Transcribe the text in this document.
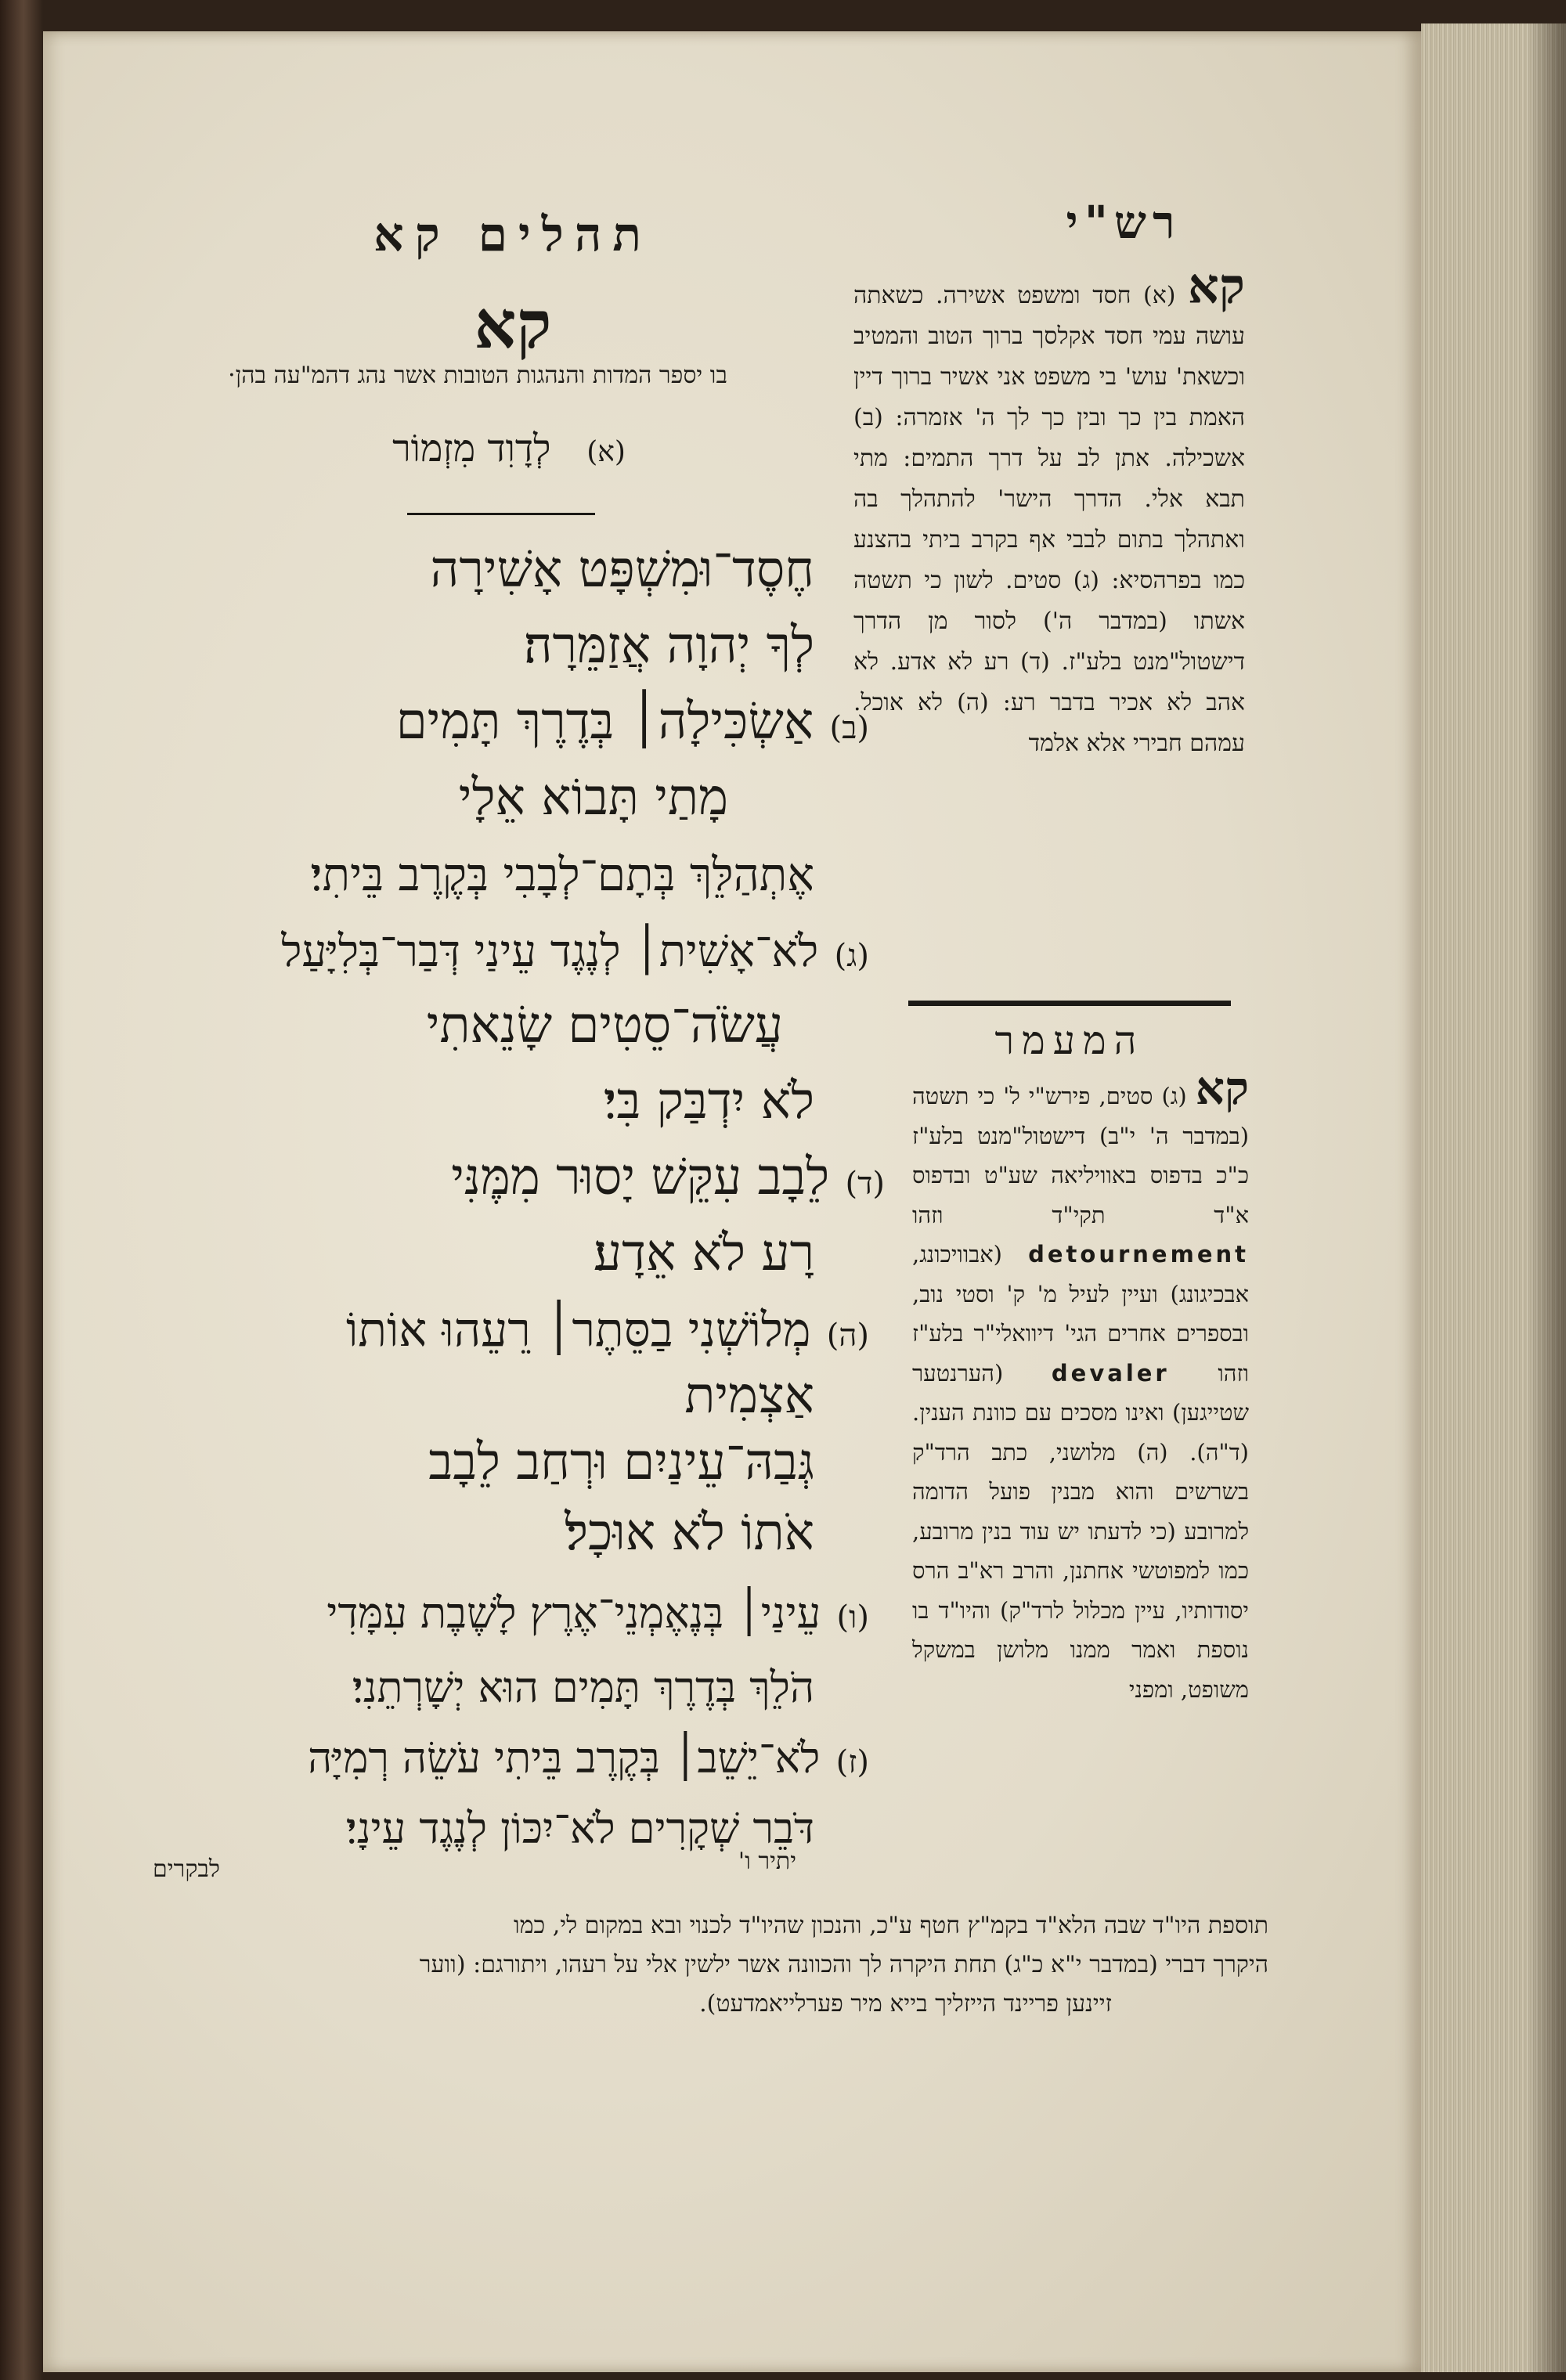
רש"י
קא (א) חסד ומשפט אשירה. כשאתה עושה עמי חסד אקלסך ברוך הטוב והמטיב וכשאת' עוש' בי משפט אני אשיר ברוך דיין האמת בין כך ובין כך לך ה' אזמרה: (ב) אשכילה. אתן לב על דרך התמים: מתי תבא אלי. הדרך הישר' להתהלך בה ואתהלך בתום לבבי אף בקרב ביתי בהצנע כמו בפרהסיא: (ג) סטים. לשון כי תשטה אשתו (במדבר ה') לסור מן הדרך דישטול"מנט בלע"ז. (ד) רע לא אדע. לא אהב לא אכיר בדבר רע: (ה) לא אוכל. עמהם חבירי אלא אלמד
המעמר
קא (ג) סטים, פירש"י ל' כי תשטה (במדבר ה' י"ב) דישטול"מנט בלע"ז כ"כ בדפוס באוויליאה שע"ט ובדפוס א"ד תקי"ד וזהו detournement (אבוויכונג, אבכיגונג) ועיין לעיל מ' ק' וסטי נוב, ובספרים אחרים הגי' דיוואלי"ר בלע"ז וזהו devaler (הערנטער שטייגען) ואינו מסכים עם כוונת הענין. (ד"ה). (ה) מלושני, כתב הרד"ק בשרשים והוא מבנין פועל הדומה למרובע (כי לדעתו יש עוד בנין מרובע, כמו למפוטשי אחתנן, והרב רא"ב הרס יסודותיו, עיין מכלול לרד"ק) והיו"ד בו נוספת ואמר ממנו מלושן במשקל משופט, ומפני
תהלים קא
קא
בו יספר המדות והנהגות הטובות אשר נהג דהמ"עה בהן·
(א)   לְדָוִד מִזְמוֹר
חֶסֶד־וּמִשְׁפָּט אָשִׁירָה
לְךָ יְהוָה אֲזַמֵּרָה׃
(ב) אַשְׂכִּילָה׀ בְּדֶרֶךְ תָּמִים
מָתַי תָּבוֹא אֵלָי
אֶתְהַלֵּךְ בְּתָם־לְבָבִי בְּקֶרֶב בֵּיתִי׃
(ג) לֹא־אָשִׁית׀ לְנֶגֶד עֵינַי דְּבַר־בְּלִיָּעַל
עֲשֹׂה־סֵטִים שָׂנֵאתִי
לֹא יִדְבַּק בִּי׃
(ד) לֵבָב עִקֵּשׁ יָסוּר מִמֶּנִּי
רָע לֹא אֵדָע׃
(ה) מְלוֹשְׁנִי בַסֵּתֶר׀ רֵעֵהוּ אוֹתוֹ
אַצְמִית
גְּבַהּ־עֵינַיִם וּרְחַב לֵבָב
אֹתוֹ לֹא אוּכָל׃
(ו) עֵינַי׀ בְּנֶאֶמְנֵי־אֶרֶץ לָשֶׁבֶת עִמָּדִי
הֹלֵךְ בְּדֶרֶךְ תָּמִים הוּא יְשָׁרְתֵנִי׃
(ז) לֹא־יֵשֵׁב׀ בְּקֶרֶב בֵּיתִי עֹשֵׂה רְמִיָּה
דֹּבֵר שְׁקָרִים לֹא־יִכּוֹן לְנֶגֶד עֵינָי׃
יתיר ו'
לבקרים
תוספת היו"ד שבה הלא"ד בקמ"ץ חטף ע"כ, והנכון שהיו"ד לכנוי ובא במקום לי, כמו
היקרך דברי (במדבר י"א כ"ג) תחת היקרה לך והכוונה אשר ילשין אלי על רעהו, ויתורגם: (ווער
זיינען פריינד הייזליך בייא מיר פערלייאמדעט).
